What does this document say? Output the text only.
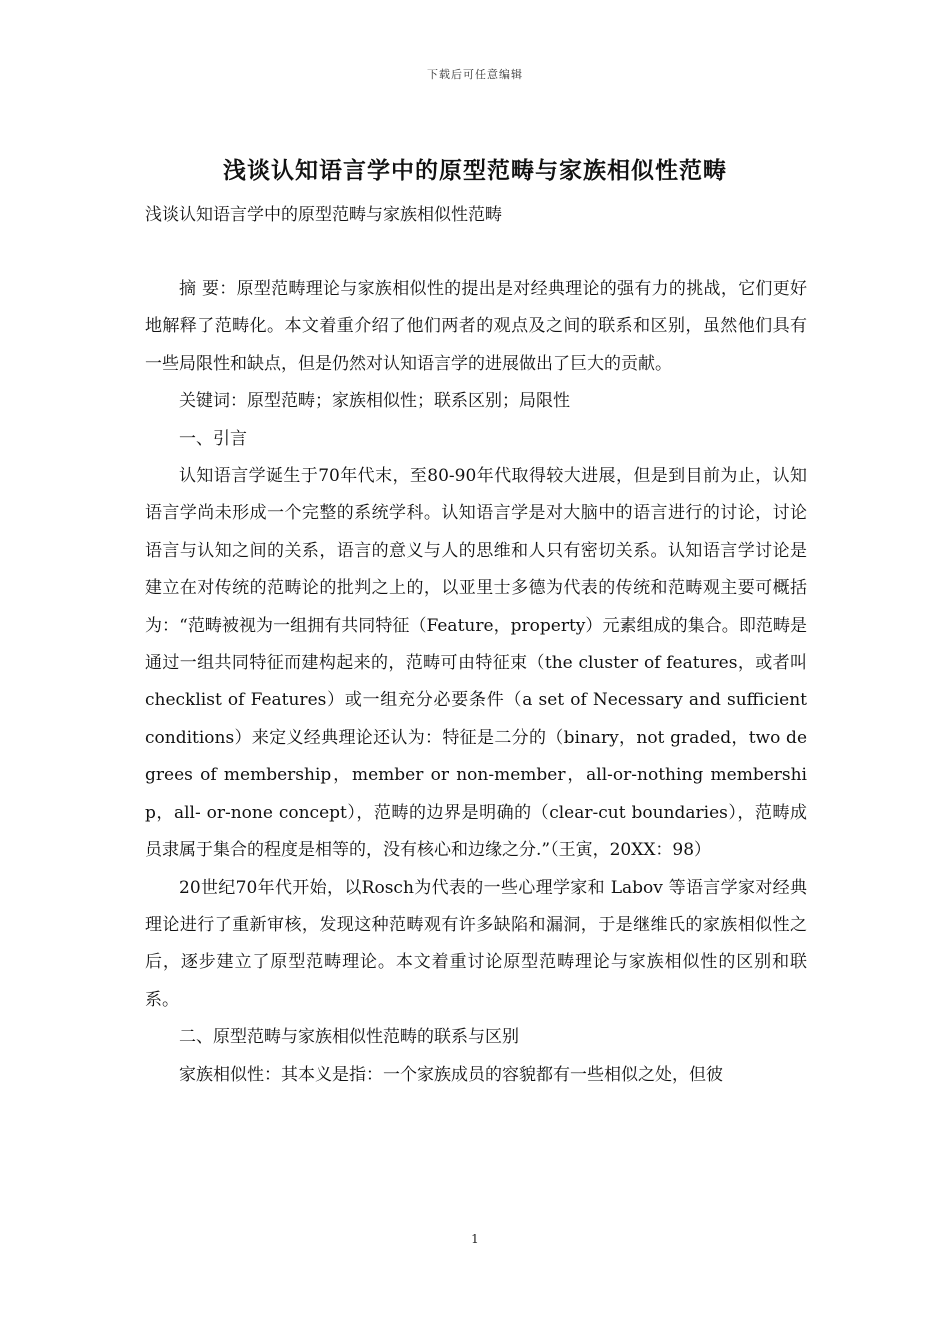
下载后可任意编辑
浅谈认知语言学中的原型范畴与家族相似性范畴
浅谈认知语言学中的原型范畴与家族相似性范畴

摘 要：原型范畴理论与家族相似性的提出是对经典理论的强有力的挑战，它们更好地解释了范畴化。本文着重介绍了他们两者的观点及之间的联系和区别，虽然他们具有一些局限性和缺点，但是仍然对认知语言学的进展做出了巨大的贡献。

关键词：原型范畴；家族相似性；联系区别；局限性

一、引言

认知语言学诞生于70年代末，至80-90年代取得较大进展，但是到目前为止，认知语言学尚未形成一个完整的系统学科。认知语言学是对大脑中的语言进行的讨论，讨论语言与认知之间的关系，语言的意义与人的思维和人只有密切关系。认知语言学讨论是建立在对传统的范畴论的批判之上的，以亚里士多德为代表的传统和范畴观主要可概括为：“范畴被视为一组拥有共同特征（Feature，property）元素组成的集合。即范畴是通过一组共同特征而建构起来的，范畴可由特征束（the cluster of features，或者叫 checklist of Features）或一组充分必要条件（a set of Necessary and sufficient conditions）来定义经典理论还认为：特征是二分的（binary，not graded，two degrees of membership，member or non-member，all-or-nothing membership，all- or-none concept），范畴的边界是明确的（clear-cut boundaries），范畴成员隶属于集合的程度是相等的，没有核心和边缘之分.”（王寅，20XX：98）

20世纪70年代开始，以Rosch为代表的一些心理学家和 Labov 等语言学家对经典理论进行了重新审核，发现这种范畴观有许多缺陷和漏洞，于是继维氏的家族相似性之后，逐步建立了原型范畴理论。本文着重讨论原型范畴理论与家族相似性的区别和联系。

二、原型范畴与家族相似性范畴的联系与区别

家族相似性：其本义是指：一个家族成员的容貌都有一些相似之处，但彼

1
